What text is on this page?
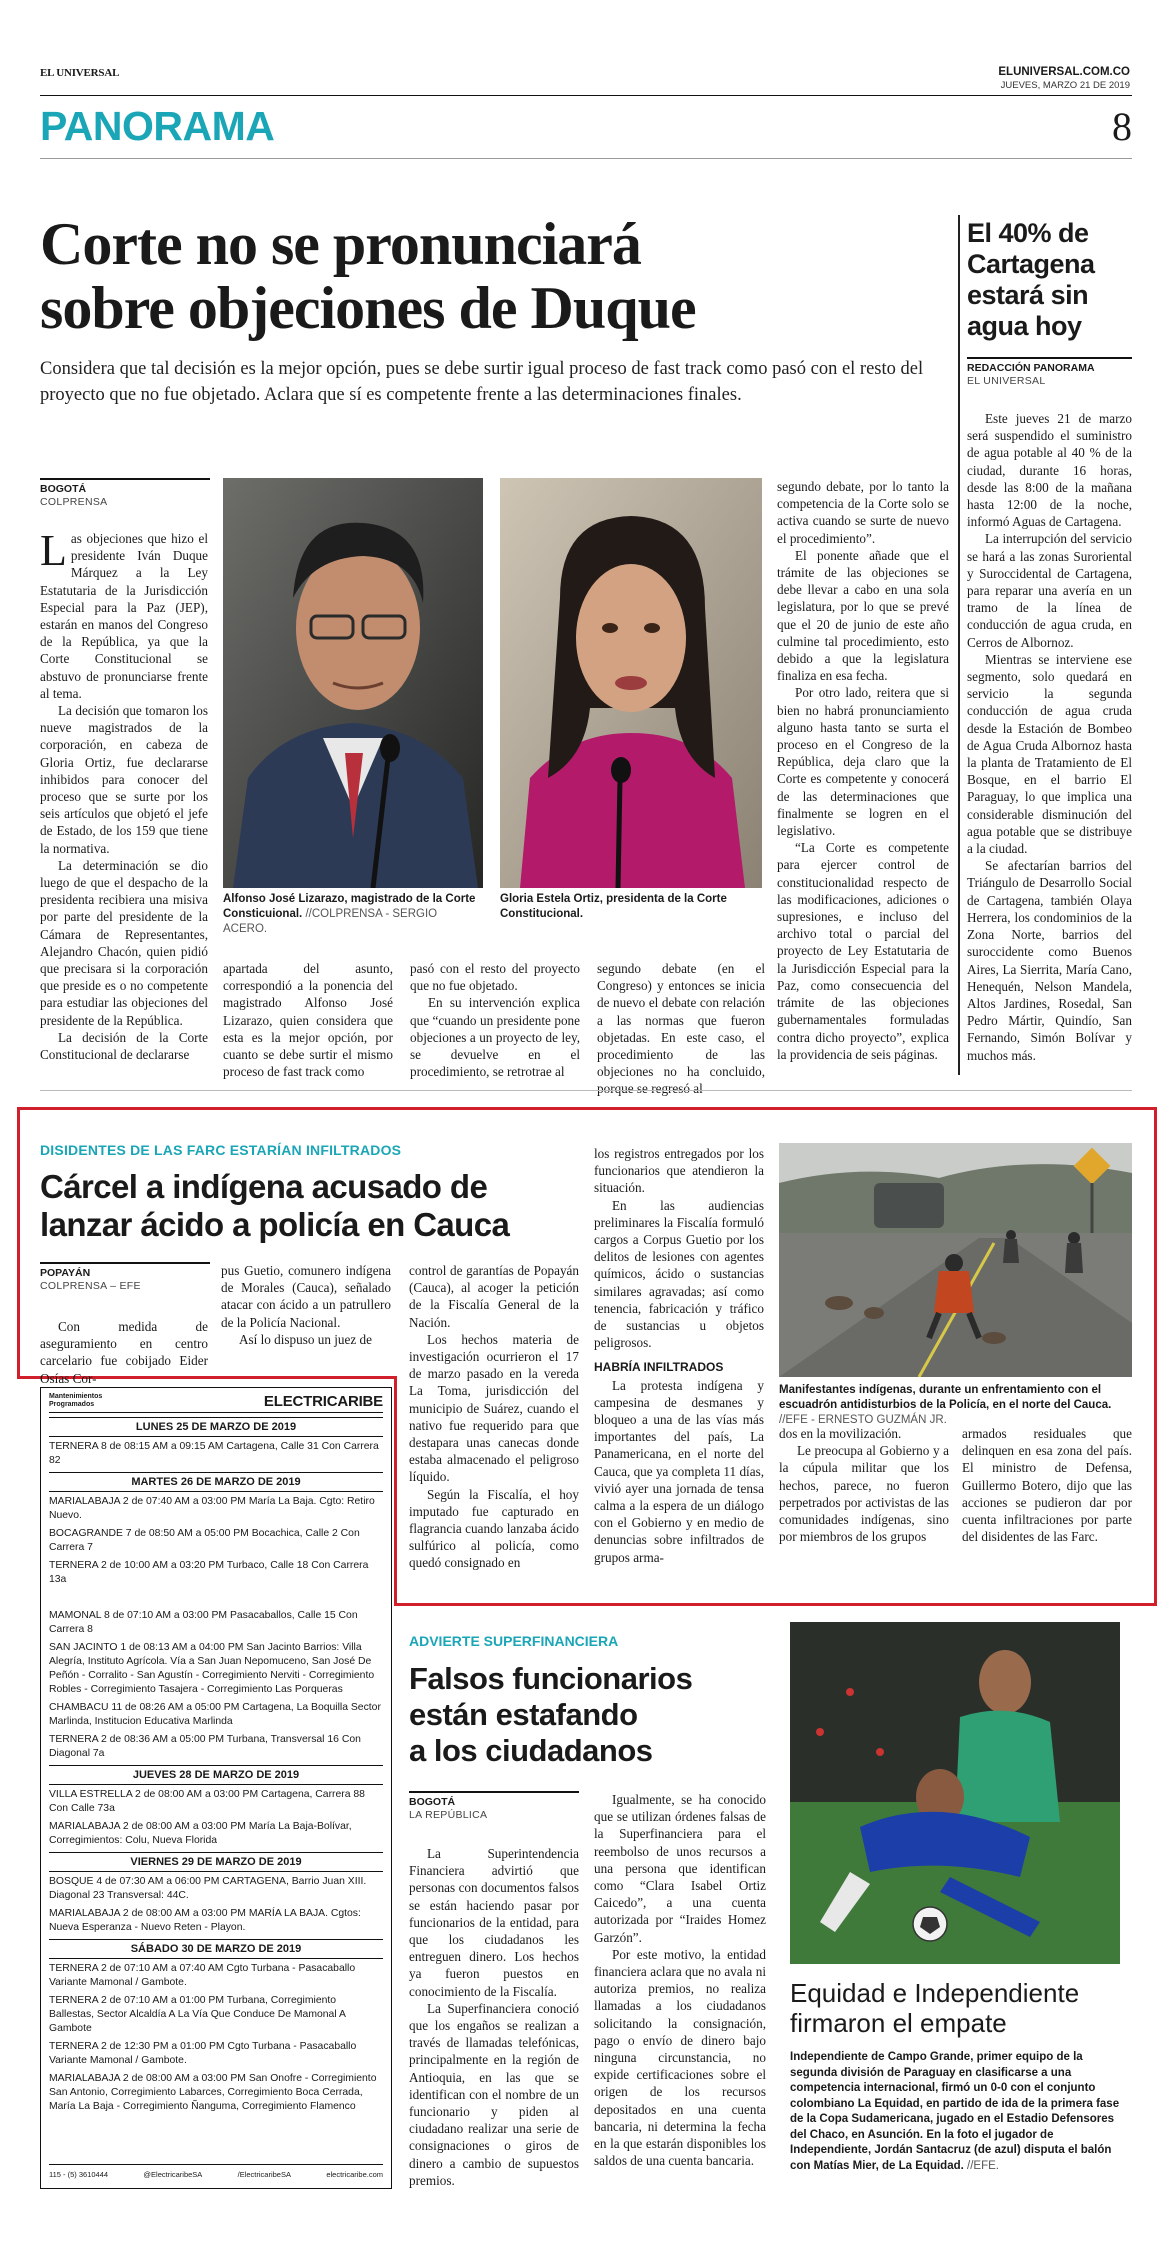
EL UNIVERSAL	ELUNIVERSAL.COM.CO
JUEVES, MARZO 21 DE 2019
PANORAMA	8
Corte no se pronunciará
sobre objeciones de Duque
Considera que tal decisión es la mejor opción, pues se debe surtir igual proceso de fast track como pasó con el resto del proyecto que no fue objetado. Aclara que sí es competente frente a las determinaciones finales.
BOGOTÁ
COLPRENSA

Las objeciones que hizo el presidente Iván Duque Márquez a la Ley Estatutaria de la Jurisdicción Especial para la Paz (JEP), estarán en manos del Congreso de la República, ya que la Corte Constitucional se abstuvo de pronunciarse frente al tema.

La decisión que tomaron los nueve magistrados de la corporación, en cabeza de Gloria Ortiz, fue declararse inhibidos para conocer del proceso que se surte por los seis artículos que objetó el jefe de Estado, de los 159 que tiene la normativa.

La determinación se dio luego de que el despacho de la presidenta recibiera una misiva por parte del presidente de la Cámara de Representantes, Alejandro Chacón, quien pidió que precisara si la corporación que preside es o no competente para estudiar las objeciones del presidente de la República.

La decisión de la Corte Constitucional de declararse

Alfonso José Lizarazo, magistrado de la Corte Consticuional. //COLPRENSA - SERGIO ACERO.
Gloria Estela Ortiz, presidenta de la Corte Constitucional.
apartada del asunto, correspondió a la ponencia del magistrado Alfonso José Lizarazo, quien considera que esta es la mejor opción, por cuanto se debe surtir el mismo proceso de fast track como

pasó con el resto del proyecto que no fue objetado.

En su intervención explica que “cuando un presidente pone objeciones a un proyecto de ley, se devuelve en el procedimiento, se retrotrae al

segundo debate (en el Congreso) y entonces se inicia de nuevo el debate con relación a las normas que fueron objetadas. En este caso, el procedimiento de las objeciones no ha concluido, porque se regresó al

segundo debate, por lo tanto la competencia de la Corte solo se activa cuando se surte de nuevo el procedimiento”.

El ponente añade que el trámite de las objeciones se debe llevar a cabo en una sola legislatura, por lo que se prevé que el 20 de junio de este año culmine tal procedimiento, esto debido a que la legislatura finaliza en esa fecha.

Por otro lado, reitera que si bien no habrá pronunciamiento alguno hasta tanto se surta el proceso en el Congreso de la República, deja claro que la Corte es competente y conocerá de las determinaciones que finalmente se logren en el legislativo.

“La Corte es competente para ejercer control de constitucionalidad respecto de las modificaciones, adiciones o supresiones, e incluso del archivo total o parcial del proyecto de Ley Estatutaria de la Jurisdicción Especial para la Paz, como consecuencia del trámite de las objeciones gubernamentales formuladas contra dicho proyecto”, explica la providencia de seis páginas.

El 40% de Cartagena estará sin agua hoy
REDACCIÓN PANORAMA
EL UNIVERSAL

Este jueves 21 de marzo será suspendido el suministro de agua potable al 40 % de la ciudad, durante 16 horas, desde las 8:00 de la mañana hasta 12:00 de la noche, informó Aguas de Cartagena.

La interrupción del servicio se hará a las zonas Suroriental y Suroccidental de Cartagena, para reparar una avería en un tramo de la línea de conducción de agua cruda, en Cerros de Albornoz.

Mientras se interviene ese segmento, solo quedará en servicio la segunda conducción de agua cruda desde la Estación de Bombeo de Agua Cruda Albornoz hasta la planta de Tratamiento de El Bosque, en el barrio El Paraguay, lo que implica una considerable disminución del agua potable que se distribuye a la ciudad.

Se afectarían barrios del Triángulo de Desarrollo Social de Cartagena, también Olaya Herrera, los condominios de la Zona Norte, barrios del suroccidente como Buenos Aires, La Sierrita, María Cano, Henequén, Nelson Mandela, Altos Jardines, Rosedal, San Pedro Mártir, Quindío, San Fernando, Simón Bolívar y muchos más.

DISIDENTES DE LAS FARC ESTARÍAN INFILTRADOS
Cárcel a indígena acusado de
lanzar ácido a policía en Cauca
POPAYÁN
COLPRENSA – EFE

Con medida de aseguramiento en centro carcelario fue cobijado Eider Osías Cor-

pus Guetio, comunero indígena de Morales (Cauca), señalado atacar con ácido a un patrullero de la Policía Nacional.

Así lo dispuso un juez de

control de garantías de Popayán (Cauca), al acoger la petición de la Fiscalía General de la Nación.

Los hechos materia de investigación ocurrieron el 17 de marzo pasado en la vereda La Toma, jurisdicción del municipio de Suárez, cuando el nativo fue requerido para que destapara unas canecas donde estaba almacenado el peligroso líquido.

Según la Fiscalía, el hoy imputado fue capturado en flagrancia cuando lanzaba ácido sulfúrico al policía, como quedó consignado en

los registros entregados por los funcionarios que atendieron la situación.

En las audiencias preliminares la Fiscalía formuló cargos a Corpus Guetio por los delitos de lesiones con agentes químicos, ácido o sustancias similares agravadas; así como tenencia, fabricación y tráfico de sustancias u objetos peligrosos.

HABRÍA INFILTRADOS

La protesta indígena y campesina de desmanes y bloqueo a una de las vías más importantes del país, La Panamericana, en el norte del Cauca, que ya completa 11 días, vivió ayer una jornada de tensa calma a la espera de un diálogo con el Gobierno y en medio de denuncias sobre infiltrados de grupos arma-

Manifestantes indígenas, durante un enfrentamiento con el escuadrón antidisturbios de la Policía, en el norte del Cauca. //EFE - ERNESTO GUZMÁN JR.

dos en la movilización.

Le preocupa al Gobierno y a la cúpula militar que los hechos, parece, no fueron perpetrados por activistas de las comunidades indígenas, sino por miembros de los grupos

armados residuales que delinquen en esa zona del país. El ministro de Defensa, Guillermo Botero, dijo que las acciones se pudieron dar por cuenta infiltraciones por parte del disidentes de las Farc.
Mantenimientos Programados	ELECTRICARIBE
LUNES 25 DE MARZO DE 2019
TERNERA 8 de 08:15 AM a 09:15 AM Cartagena, Calle 31 Con Carrera 82
MARTES 26 DE MARZO DE 2019
MARIALABAJA 2 de 07:40 AM a 03:00 PM María La Baja. Cgto: Retiro Nuevo.
BOCAGRANDE 7 de 08:50 AM a 05:00 PM Bocachica, Calle 2 Con Carrera 7
TERNERA 2 de 10:00 AM a 03:20 PM Turbaco, Calle 18 Con Carrera 13a
MAMONAL 8 de 07:10 AM a 03:00 PM Pasacaballos, Calle 15 Con Carrera 8
SAN JACINTO 1 de 08:13 AM a 04:00 PM San Jacinto Barrios: Villa Alegría, Instituto Agrícola. Vía a San Juan Nepomuceno, San José De Peñón - Corralito - San Agustín - Corregimiento Nerviti - Corregimiento Robles - Corregimiento Tasajera - Corregimiento Las Porqueras
CHAMBACU 11 de 08:26 AM a 05:00 PM Cartagena, La Boquilla Sector Marlinda, Institucion Educativa Marlinda
TERNERA 2 de 08:36 AM a 05:00 PM Turbana, Transversal 16 Con Diagonal 7a
JUEVES 28 DE MARZO DE 2019
VILLA ESTRELLA 2 de 08:00 AM a 03:00 PM Cartagena, Carrera 88 Con Calle 73a
MARIALABAJA 2 de 08:00 AM a 03:00 PM María La Baja-Bolívar, Corregimientos: Colu, Nueva Florida
VIERNES 29 DE MARZO DE 2019
BOSQUE 4 de 07:30 AM a 06:00 PM CARTAGENA, Barrio Juan XIII. Diagonal 23 Transversal: 44C.
MARIALABAJA 2 de 08:00 AM a 03:00 PM MARÍA LA BAJA. Cgtos: Nueva Esperanza - Nuevo Reten - Playon.
SÁBADO 30 DE MARZO DE 2019
TERNERA 2 de 07:10 AM a 07:40 AM Cgto Turbana - Pasacaballo Variante Mamonal / Gambote.
TERNERA 2 de 07:10 AM a 01:00 PM Turbana, Corregimiento Ballestas, Sector Alcaldía A La Vía Que Conduce De Mamonal A Gambote
TERNERA 2 de 12:30 PM a 01:00 PM Cgto Turbana - Pasacaballo Variante Mamonal / Gambote.
MARIALABAJA 2 de 08:00 AM a 03:00 PM San Onofre - Corregimiento San Antonio, Corregimiento Labarces, Corregimiento Boca Cerrada, María La Baja - Corregimiento Ñanguma, Corregimiento Flamenco
115 - (5) 3610444	@ElectricaribeSA	/ElectricaribeSA	electricaribe.com
ADVIERTE SUPERFINANCIERA
Falsos funcionarios
están estafando
a los ciudadanos
BOGOTÁ
LA REPÚBLICA

La Superintendencia Financiera advirtió que personas con documentos falsos se están haciendo pasar por funcionarios de la entidad, para que los ciudadanos les entreguen dinero. Los hechos ya fueron puestos en conocimiento de la Fiscalía.

La Superfinanciera conoció que los engaños se realizan a través de llamadas telefónicas, principalmente en la región de Antioquia, en las que se identifican con el nombre de un funcionario y piden al ciudadano realizar una serie de consignaciones o giros de dinero a cambio de supuestos premios.

Igualmente, se ha conocido que se utilizan órdenes falsas de la Superfinanciera para el reembolso de unos recursos a una persona que identifican como “Clara Isabel Ortiz Caicedo”, a una cuenta autorizada por “Iraides Homez Garzón”.

Por este motivo, la entidad financiera aclara que no avala ni autoriza premios, no realiza llamadas a los ciudadanos solicitando la consignación, pago o envío de dinero bajo ninguna circunstancia, no expide certificaciones sobre el origen de los recursos depositados en una cuenta bancaria, ni determina la fecha en la que estarán disponibles los saldos de una cuenta bancaria.

Equidad e Independiente
firmaron el empate
Independiente de Campo Grande, primer equipo de la segunda división de Paraguay en clasificarse a una competencia internacional, firmó un 0-0 con el conjunto colombiano La Equidad, en partido de ida de la primera fase de la Copa Sudamericana, jugado en el Estadio Defensores del Chaco, en Asunción. En la foto el jugador de Independiente, Jordán Santacruz (de azul) disputa el balón con Matías Mier, de La Equidad. //EFE.
